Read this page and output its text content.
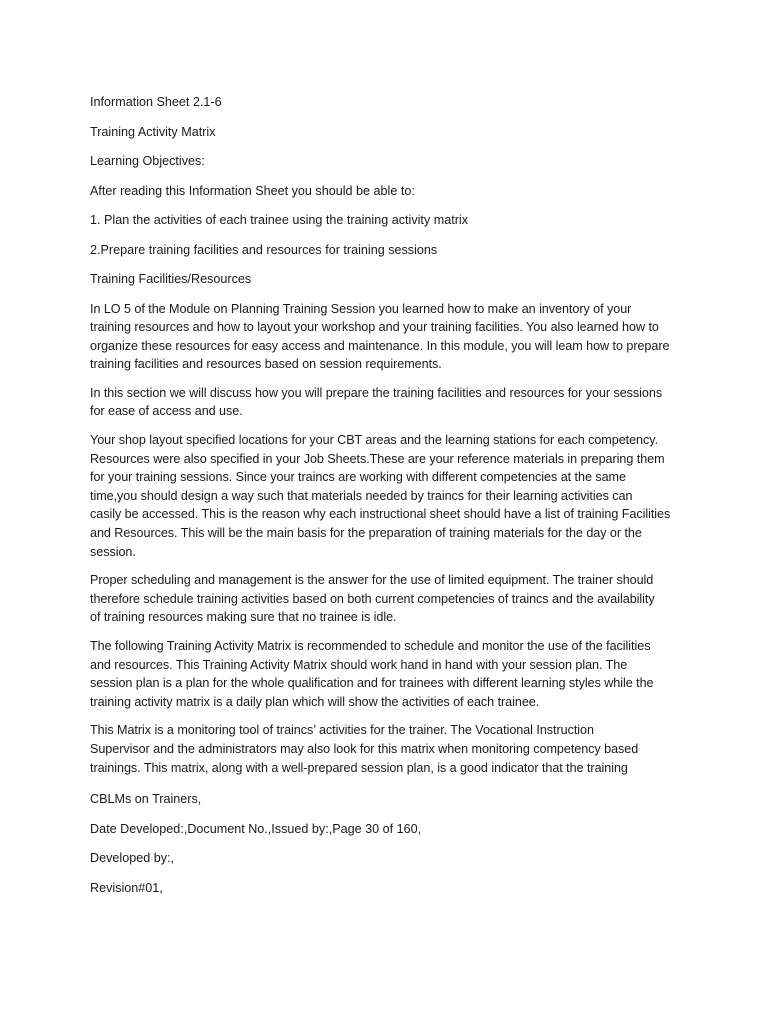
Information Sheet 2.1-6
Training Activity Matrix
Learning Objectives:
After reading this Information Sheet you should be able to:
1. Plan the activities of each trainee using the training activity matrix
2.Prepare training facilities and resources for training sessions
Training Facilities/Resources
In LO 5 of the Module on Planning Training Session you learned how to make an inventory of your
training resources and how to layout your workshop and your training facilities. You also learned how to
organize these resources for easy access and maintenance. In this module, you will leam how to prepare
training facilities and resources based on session requirements.
In this section we will discuss how you will prepare the training facilities and resources for your sessions
for ease of access and use.
Your shop layout specified locations for your CBT areas and the learning stations for each competency.
Resources were also specified in your Job Sheets.These are your reference materials in preparing them
for your training sessions. Since your traincs are working with different competencies at the same
time,you should design a way such that materials needed by traincs for their learning activities can
casily be accessed. This is the reason why each instructional sheet should have a list of training Facilities
and Resources. This will be the main basis for the preparation of training materials for the day or the
session.
Proper scheduling and management is the answer for the use of limited equipment. The trainer should
therefore schedule training activities based on both current competencies of traincs and the availability
of training resources making sure that no trainee is idle.
The following Training Activity Matrix is recommended to schedule and monitor the use of the facilities
and resources. This Training Activity Matrix should work hand in hand with your session plan. The
session plan is a plan for the whole qualification and for trainees with different learning styles while the
training activity matrix is a daily plan which will show the activities of each trainee.
This Matrix is a monitoring tool of traincs’ activities for the trainer. The Vocational Instruction
Supervisor and the administrators may also look for this matrix when monitoring competency based
trainings. This matrix, along with a well-prepared session plan, is a good indicator that the training
CBLMs on Trainers,
Date Developed:,Document No.,Issued by:,Page 30 of 160,
Developed by:,
Revision#01,
